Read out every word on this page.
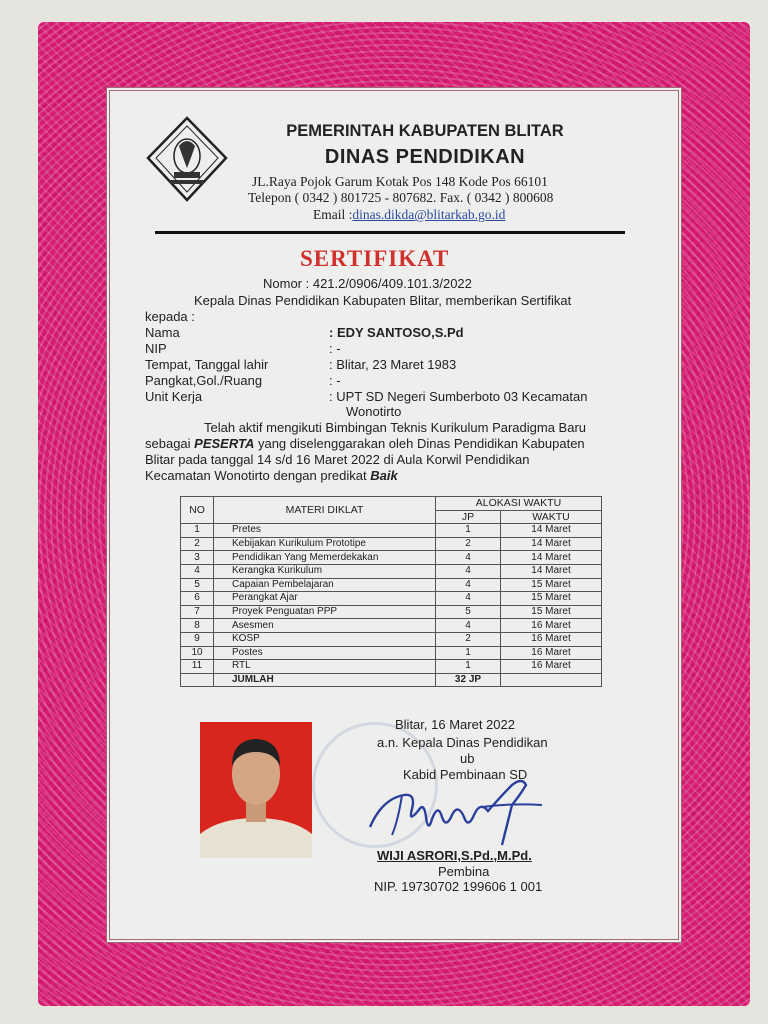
PEMERINTAH KABUPATEN BLITAR
DINAS PENDIDIKAN
JL.Raya Pojok Garum Kotak Pos 148 Kode Pos 66101
Telepon ( 0342 ) 801725 - 807682. Fax. ( 0342 ) 800608
Email :dinas.dikda@blitarkab.go.id
SERTIFIKAT
Nomor : 421.2/0906/409.101.3/2022
Kepala Dinas Pendidikan Kabupaten Blitar, memberikan Sertifikat
kepada :
Nama	: EDY SANTOSO,S.Pd
NIP	: -
Tempat, Tanggal lahir	: Blitar, 23 Maret 1983
Pangkat,Gol./Ruang	: -
Unit Kerja	: UPT SD Negeri Sumberboto 03 Kecamatan
Wonotirto
Telah aktif mengikuti Bimbingan Teknis Kurikulum Paradigma Baru
sebagai PESERTA yang diselenggarakan oleh Dinas Pendidikan Kabupaten
Blitar pada tanggal 14 s/d 16 Maret 2022 di Aula Korwil Pendidikan
Kecamatan Wonotirto dengan predikat Baik
NO	MATERI DIKLAT	ALOKASI WAKTU	
		JP	WAKTU
1	Pretes	1	14 Maret
2	Kebijakan Kurikulum Prototipe	2	14 Maret
3	Pendidikan Yang Memerdekakan	4	14 Maret
4	Kerangka Kurikulum	4	14 Maret
5	Capaian Pembelajaran	4	15 Maret
6	Perangkat Ajar	4	15 Maret
7	Proyek Penguatan PPP	5	15 Maret
8	Asesmen	4	16 Maret
9	KOSP	2	16 Maret
10	Postes	1	16 Maret
11	RTL	1	16 Maret
	JUMLAH	32 JP	
Blitar, 16 Maret 2022
a.n. Kepala Dinas Pendidikan
ub
Kabid Pembinaan SD
WIJI ASRORI,S.Pd.,M.Pd.
Pembina
NIP. 19730702 199606 1 001
